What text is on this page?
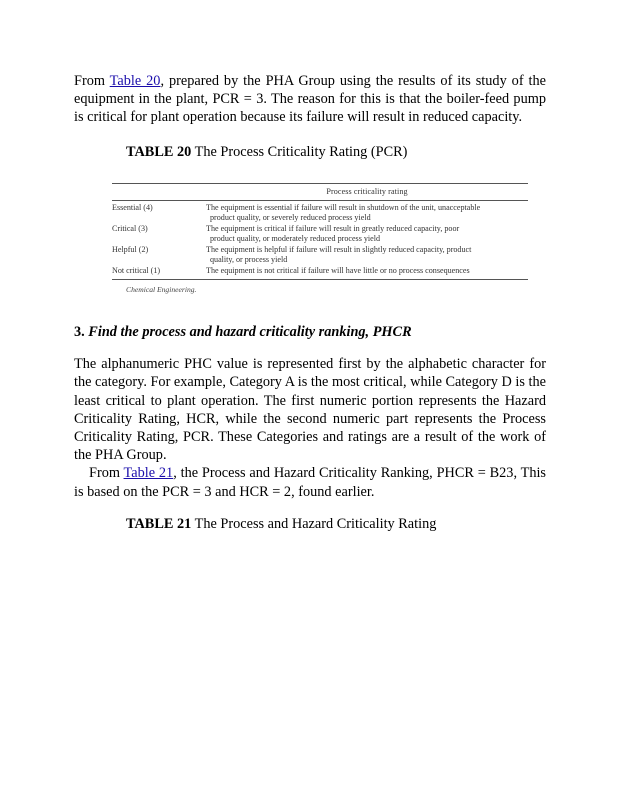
From Table 20, prepared by the PHA Group using the results of its study of the equipment in the plant, PCR = 3. The reason for this is that the boiler-feed pump is critical for plant operation because its failure will result in reduced capacity.

TABLE 20 The Process Criticality Rating (PCR)

Process criticality rating
Essential (4)	The equipment is essential if failure will result in shutdown of the unit, unacceptable
product quality, or severely reduced process yield
Critical (3)	The equipment is critical if failure will result in greatly reduced capacity, poor
product quality, or moderately reduced process yield
Helpful (2)	The equipment is helpful if failure will result in slightly reduced capacity, product
quality, or process yield
Not critical (1)	The equipment is not critical if failure will have little or no process consequences
Chemical Engineering.

3. Find the process and hazard criticality ranking, PHCR

The alphanumeric PHC value is represented first by the alphabetic character for the category. For example, Category A is the most critical, while Category D is the least critical to plant operation. The first numeric portion represents the Hazard Criticality Rating, HCR, while the second numeric part represents the Process Criticality Rating, PCR. These Categories and ratings are a result of the work of the PHA Group.

From Table 21, the Process and Hazard Criticality Ranking, PHCR = B23, This is based on the PCR = 3 and HCR = 2, found earlier.

TABLE 21 The Process and Hazard Criticality Rating
